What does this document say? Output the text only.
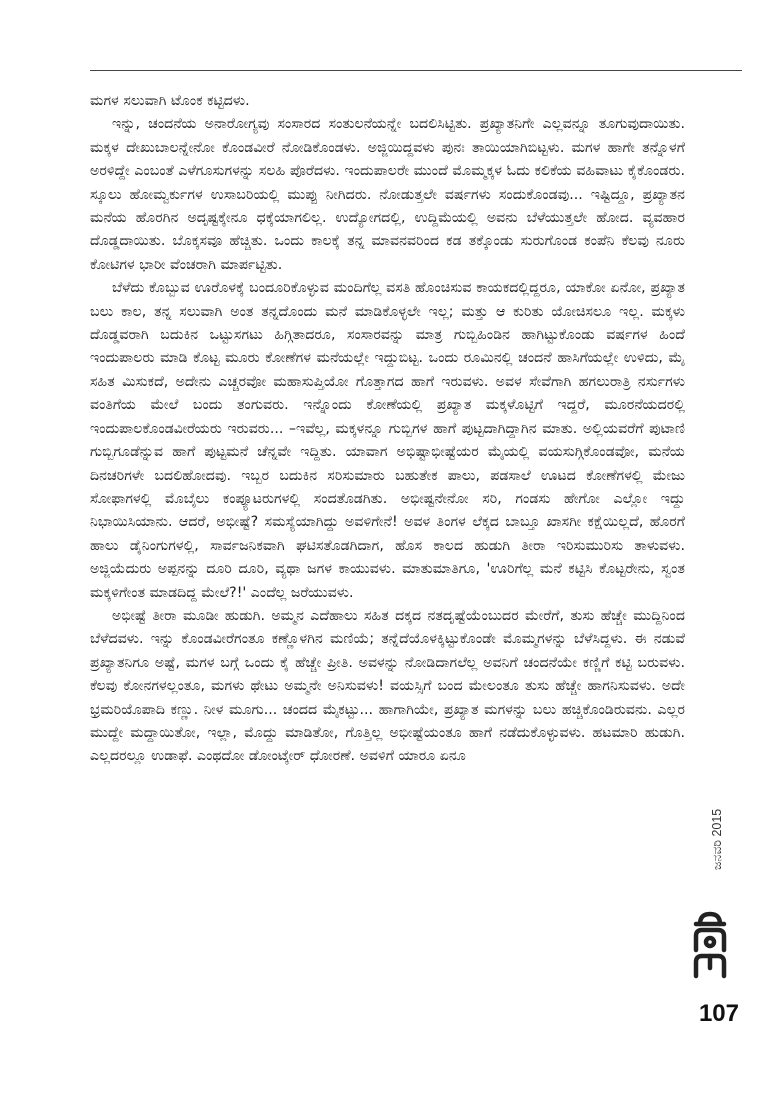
ಮಗಳ ಸಲುವಾಗಿ ಟೊಂಕ ಕಟ್ಟಿದಳು.

ಇನ್ನು, ಚಂದನೆಯ ಅನಾರೋಗ್ಯವು ಸಂಸಾರದ ಸಂತುಲನೆಯನ್ನೇ ಬದಲಿಸಿಟ್ಟಿತು. ಪ್ರಖ್ಯಾತನಿಗೇ ಎಲ್ಲವನ್ನೂ ತೂಗುವುದಾಯಿತು. ಮಕ್ಕಳ ದೇಖುಬಾಲನ್ನೇನೋ ಕೊಂಡವೀರೆ ನೋಡಿಕೊಂಡಳು. ಅಜ್ಜಿಯಿದ್ದವಳು ಪುನಃ ತಾಯಿಯಾಗಿಬಿಟ್ಟಳು. ಮಗಳ ಹಾಗೇ ತನ್ನೊಳಗೆ ಅರಳಿದ್ದೇ ಎಂಬಂತೆ ಎಳೆಗೂಸುಗಳನ್ನು ಸಲಹಿ ಪೊರೆದಳು. ಇಂದುಪಾಲರೇ ಮುಂದೆ ಮೊಮ್ಮಕ್ಕಳ ಓದು ಕಲಿಕೆಯ ವಹಿವಾಟು ಕೈಕೊಂಡರು. ಸ್ಕೂಲು ಹೋಮ್ವರ್ಕುಗಳ ಉಸಾಬರಿಯಲ್ಲಿ ಮುಪ್ಪು ನೀಗಿದರು. ನೋಡುತ್ತಲೇ ವರ್ಷಗಳು ಸಂದುಕೊಂಡವು... ಇಷ್ಟಿದ್ದೂ, ಪ್ರಖ್ಯಾತನ ಮನೆಯ ಹೊರಗಿನ ಅದೃಷ್ಟಕ್ಕೇನೂ ಧಕ್ಕೆಯಾಗಲಿಲ್ಲ. ಉದ್ಯೋಗದಲ್ಲಿ, ಉದ್ದಿಮೆಯಲ್ಲಿ ಅವನು ಬೆಳೆಯುತ್ತಲೇ ಹೋದ. ವ್ಯವಹಾರ ದೊಡ್ಡದಾಯಿತು. ಬೊಕ್ಕಸವೂ ಹೆಚ್ಚಿತು. ಒಂದು ಕಾಲಕ್ಕೆ ತನ್ನ ಮಾವನವರಿಂದ ಕಡ ತಕ್ಕೊಂಡು ಸುರುಗೊಂಡ ಕಂಪೆನಿ ಕೆಲವು ನೂರು ಕೋಟಿಗಳ ಭಾರೀ ವೆಂಚರಾಗಿ ಮಾರ್ಪಟ್ಟಿತು.

ಬೆಳೆದು ಕೊಬ್ಬುವ ಊರೊಳಕ್ಕೆ ಬಂದೂರಿಕೊಳ್ಳುವ ಮಂದಿಗೆಲ್ಲ ವಸತಿ ಹೊಂಚಿಸುವ ಕಾಯಕದಲ್ಲಿದ್ದರೂ, ಯಾಕೋ ಏನೋ, ಪ್ರಖ್ಯಾತ ಬಲು ಕಾಲ, ತನ್ನ ಸಲುವಾಗಿ ಅಂತ ತನ್ನದೊಂದು ಮನೆ ಮಾಡಿಕೊಳ್ಳಲೇ ಇಲ್ಲ; ಮತ್ತು ಆ ಕುರಿತು ಯೋಚಿಸಲೂ ಇಲ್ಲ. ಮಕ್ಕಳು ದೊಡ್ಡವರಾಗಿ ಬದುಕಿನ ಒಟ್ಟುಸಗಟು ಹಿಗ್ಗಿತಾದರೂ, ಸಂಸಾರವನ್ನು ಮಾತ್ರ ಗುಬ್ಬಿಹಿಂಡಿನ ಹಾಗಿಟ್ಟುಕೊಂಡು ವರ್ಷಗಳ ಹಿಂದೆ ಇಂದುಪಾಲರು ಮಾಡಿ ಕೊಟ್ಟ ಮೂರು ಕೋಣೆಗಳ ಮನೆಯಲ್ಲೇ ಇದ್ದುಬಿಟ್ಟ. ಒಂದು ರೂಮಿನಲ್ಲಿ ಚಂದನೆ ಹಾಸಿಗೆಯಲ್ಲೇ ಉಳಿದು, ಮೈ ಸಹಿತ ಮಿಸುಕದೆ, ಅದೇನು ಎಚ್ಚರವೋ ಮಹಾಸುಪ್ತಿಯೋ ಗೊತ್ತಾಗದ ಹಾಗೆ ಇರುವಳು. ಅವಳ ಸೇವೆಗಾಗಿ ಹಗಲುರಾತ್ರಿ ನರ್ಸುಗಳು ವಂತಿಗೆಯ ಮೇಲೆ ಬಂದು ತಂಗುವರು. ಇನ್ನೊಂದು ಕೋಣೆಯಲ್ಲಿ ಪ್ರಖ್ಯಾತ ಮಕ್ಕಳೊಟ್ಟಿಗೆ ಇದ್ದರೆ, ಮೂರನೆಯದರಲ್ಲಿ ಇಂದುಪಾಲಕೊಂಡವೀರೆಯರು ಇರುವರು... –ಇವೆಲ್ಲ, ಮಕ್ಕಳನ್ನೂ ಗುಬ್ಬಿಗಳ ಹಾಗೆ ಪುಟ್ಟದಾಗಿದ್ದಾಗಿನ ಮಾತು. ಅಲ್ಲಿಯವರೆಗೆ ಪುಟಾಣಿ ಗುಬ್ಬಿಗೂಡೆನ್ನುವ ಹಾಗೆ ಪುಟ್ಟಮನೆ ಚೆನ್ನವೇ ಇದ್ದಿತು. ಯಾವಾಗ ಅಭಿಷ್ಟಾಭೀಷ್ಟೆಯರ ಮೈಯಲ್ಲಿ ವಯಸುಗ್ಗಿಕೊಂಡವೋ, ಮನೆಯ ದಿನಚರಿಗಳೇ ಬದಲಿಹೋದವು. ಇಬ್ಬರ ಬದುಕಿನ ಸರಿಸುಮಾರು ಬಹುತೇಕ ಪಾಲು, ಪಡಸಾಲೆ ಊಟದ ಕೋಣೆಗಳಲ್ಲಿ ಮೇಜು ಸೋಫಾಗಳಲ್ಲಿ ಮೊಬೈಲು ಕಂಪ್ಯೂಟರುಗಳಲ್ಲಿ ಸಂದತೊಡಗಿತು. ಅಭೀಷ್ಟನೇನೋ ಸರಿ, ಗಂಡಸು ಹೇಗೋ ಎಲ್ಲೋ ಇದ್ದು ನಿಭಾಯಿಸಿಯಾನು. ಆದರೆ, ಅಭೀಷ್ಟೆ? ಸಮಸ್ಯೆಯಾಗಿದ್ದು ಅವಳಿಗೇನೆ! ಅವಳ ತಿಂಗಳ ಲೆಕ್ಕದ ಬಾಬ್ತೂ ಖಾಸಗೀ ಕಕ್ಷೆಯಿಲ್ಲದೆ, ಹೊರಗೆ ಹಾಲು ಡೈನಿಂಗುಗಳಲ್ಲಿ, ಸಾರ್ವಜನಿಕವಾಗಿ ಘಟಿಸತೊಡಗಿದಾಗ, ಹೊಸ ಕಾಲದ ಹುಡುಗಿ ತೀರಾ ಇರಿಸುಮುರಿಸು ತಾಳುವಳು. ಅಜ್ಜಿಯೆದುರು ಅಪ್ಪನನ್ನು ದೂರಿ ದೂರಿ, ವ್ಯಥಾ ಜಗಳ ಕಾಯುವಳು. ಮಾತುಮಾತಿಗೂ, 'ಊರಿಗೆಲ್ಲ ಮನೆ ಕಟ್ಟಿಸಿ ಕೊಟ್ಟರೇನು, ಸ್ವಂತ ಮಕ್ಕಳಿಗೇಂತ ಮಾಡದಿದ್ದ ಮೇಲೆ?!' ಎಂದೆಲ್ಲ ಜರೆಯುವಳು.

ಅಭೀಷ್ಟೆ ತೀರಾ ಮೂಡೀ ಹುಡುಗಿ. ಅಮ್ಮನ ಎದೆಹಾಲು ಸಹಿತ ದಕ್ಕದ ನತದೃಷ್ಟೆಯೆಂಬುದರ ಮೇರೆಗೆ, ತುಸು ಹೆಚ್ಚೇ ಮುದ್ದಿನಿಂದ ಬೆಳೆದವಳು. ಇನ್ನು ಕೊಂಡವೀರೆಗಂತೂ ಕಣ್ಣೊಳಗಿನ ಮಣಿಯೆ; ತನ್ನೆದೆಯೊಳಕ್ಕಿಟ್ಟುಕೊಂಡೇ ಮೊಮ್ಮಗಳನ್ನು ಬೆಳೆಸಿದ್ದಳು. ಈ ನಡುವೆ ಪ್ರಖ್ಯಾತನಿಗೂ ಅಷ್ಟೆ, ಮಗಳ ಬಗ್ಗೆ ಒಂದು ಕೈ ಹೆಚ್ಚೇ ಪ್ರೀತಿ. ಅವಳನ್ನು ನೋಡಿದಾಗಲೆಲ್ಲ ಅವನಿಗೆ ಚಂದನೆಯೇ ಕಣ್ಣಿಗೆ ಕಟ್ಟಿ ಬರುವಳು. ಕೆಲವು ಕೋನಗಳಲ್ಲಂತೂ, ಮಗಳು ಥೇಟು ಅಮ್ಮನೇ ಅನಿಸುವಳು! ವಯಸ್ಸಿಗೆ ಬಂದ ಮೇಲಂತೂ ತುಸು ಹೆಚ್ಚೇ ಹಾಗನಿಸುವಳು. ಅದೇ ಭ್ರಮರಿಯೊಪಾದಿ ಕಣ್ಣು. ನೀಳ ಮೂಗು... ಚಂದದ ಮೈಕಟ್ಟು... ಹಾಗಾಗಿಯೇ, ಪ್ರಖ್ಯಾತ ಮಗಳನ್ನು ಬಲು ಹಚ್ಚಿಕೊಂಡಿರುವನು. ಎಲ್ಲರ ಮುದ್ದೇ ಮದ್ದಾಯಿತೋ, ಇಲ್ಲಾ, ಮೊದ್ದು ಮಾಡಿತೋ, ಗೊತ್ತಿಲ್ಲ ಅಭೀಷ್ಟೆಯಂತೂ ಹಾಗೆ ನಡೆದುಕೊಳ್ಳುವಳು. ಹಟಮಾರಿ ಹುಡುಗಿ. ಎಲ್ಲದರಲ್ಲೂ ಉಡಾಫೆ. ಎಂಥದೋ ಡೋಂಟ್ಕೇರ್ ಧೋರಣೆ. ಅವಳಿಗೆ ಯಾರೂ ಏನೂ

ಜನವರಿ 2015
107
